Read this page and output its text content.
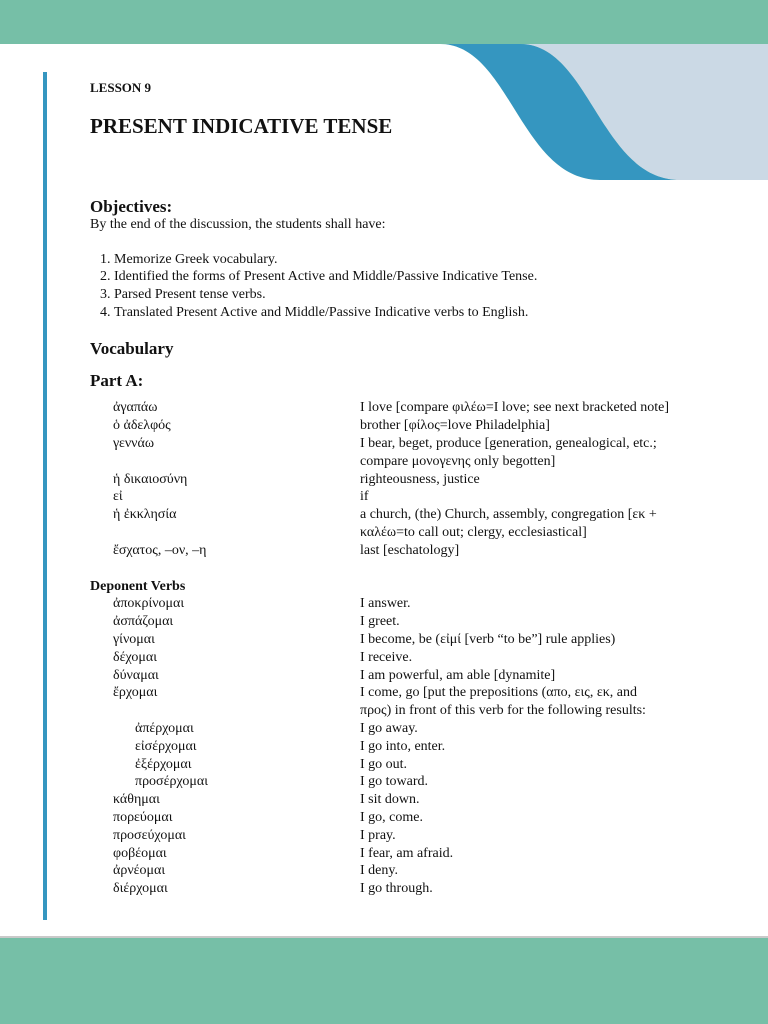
LESSON 9
PRESENT INDICATIVE TENSE
Objectives:
By the end of the discussion, the students shall have:
1. Memorize Greek vocabulary.
2. Identified the forms of Present Active and Middle/Passive Indicative Tense.
3. Parsed Present tense verbs.
4. Translated Present Active and Middle/Passive Indicative verbs to English.
Vocabulary
Part A:
ἀγαπάω	I love [compare φιλέω=I love; see next bracketed note]
ὁ ἀδελφός	brother [φίλος=love Philadelphia]
γεννάω	I bear, beget, produce [generation, genealogical, etc.; compare μονογενης only begotten]
ἡ δικαιοσύνη	righteousness, justice
εἰ	if
ἡ ἐκκλησία	a church, (the) Church, assembly, congregation [εκ + καλέω=to call out; clergy, ecclesiastical]
ἔσχατος, –ον, –η	last [eschatology]
Deponent Verbs
ἀποκρίνομαι	I answer.
ἀσπάζομαι	I greet.
γίνομαι	I become, be (εἰμί [verb “to be”] rule applies)
δέχομαι	I receive.
δύναμαι	I am powerful, am able [dynamite]
ἔρχομαι	I come, go [put the prepositions (απο, εις, εκ, and προς) in front of this verb for the following results:
ἀπέρχομαι	I go away.
εἰσέρχομαι	I go into, enter.
ἐξέρχομαι	I go out.
προσέρχομαι	I go toward.
κάθημαι	I sit down.
πορεύομαι	I go, come.
προσεύχομαι	I pray.
φοβέομαι	I fear, am afraid.
ἀρνέομαι	I deny.
διέρχομαι	I go through.
